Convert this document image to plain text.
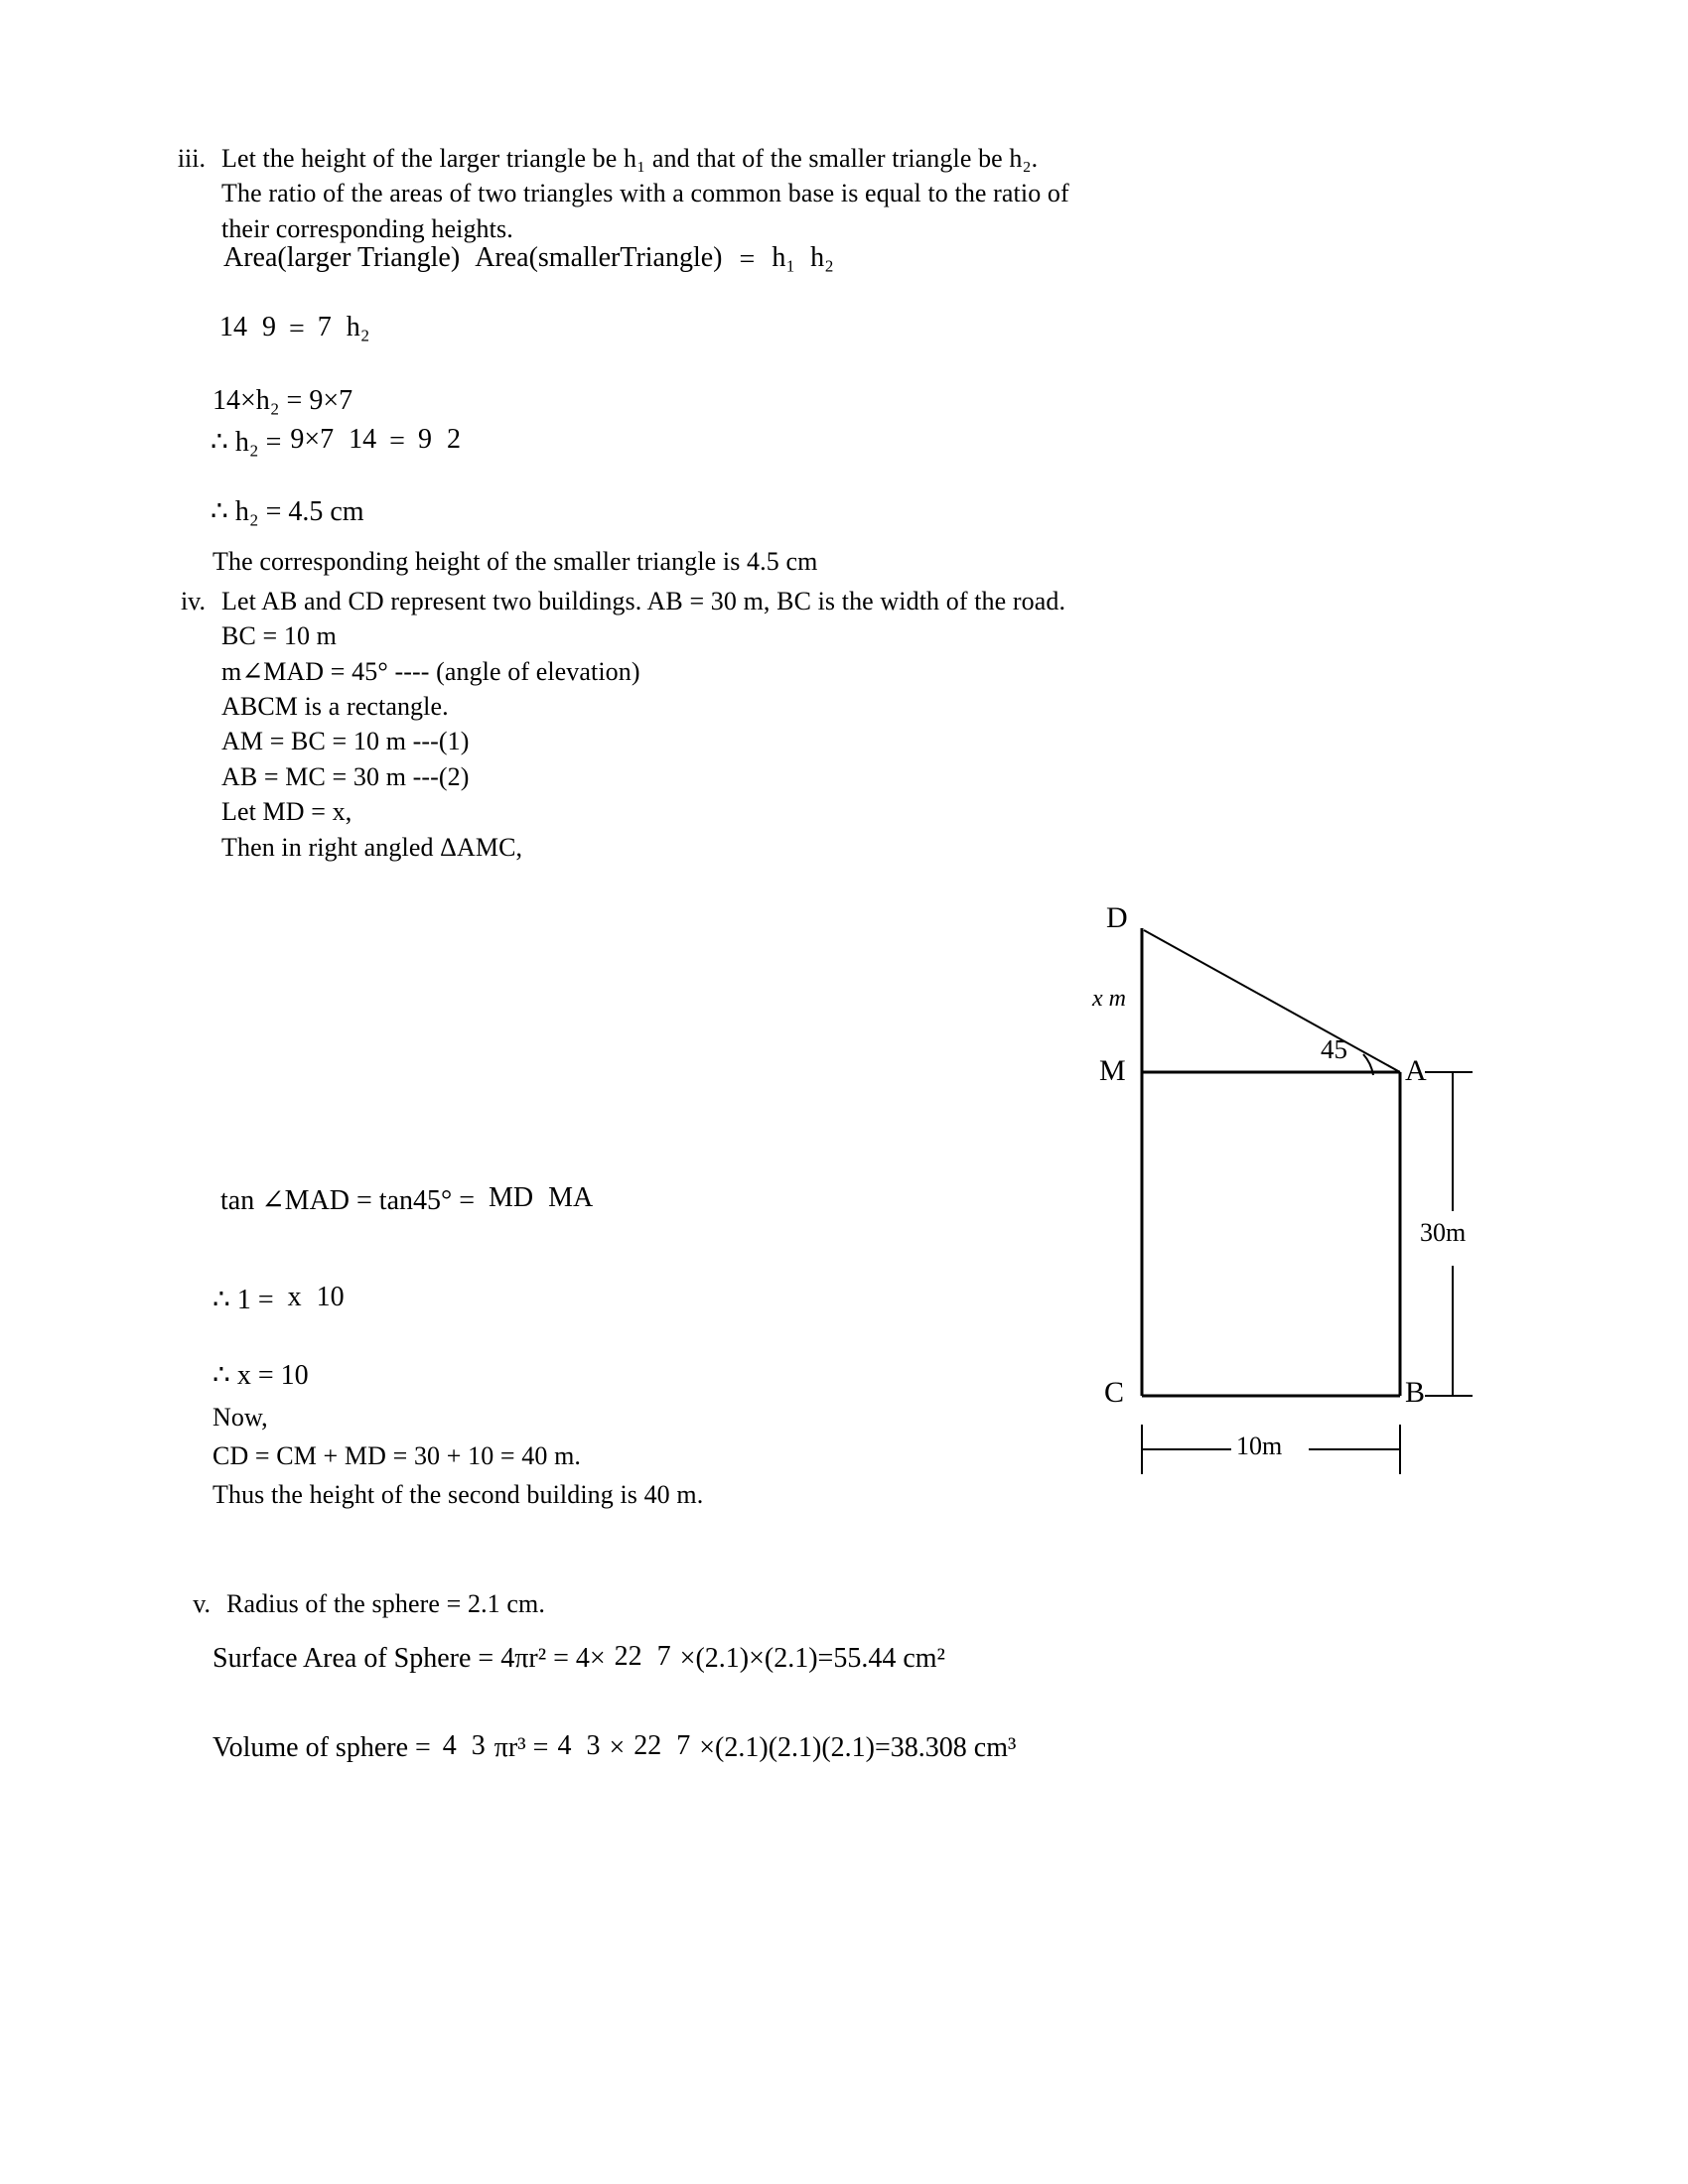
iii. Let the height of the larger triangle be h₁ and that of the smaller triangle be h₂.
The ratio of the areas of two triangles with a common base is equal to the ratio of
their corresponding heights.
Area(larger Triangle) Area(smallerTriangle) = h₁ h₂
14 9 = 7 h₂
14×h₂ = 9×7
∴ h₂ = 9×7 14 = 9 2
∴ h₂ = 4.5 cm
The corresponding height of the smaller triangle is 4.5 cm
iv. Let AB and CD represent two buildings. AB = 30 m, BC is the width of the road.
BC = 10 m
m∠MAD = 45° ---- (angle of elevation)
ABCM is a rectangle.
AM = BC = 10 m ---(1)
AB = MC = 30 m ---(2)
Let MD = x,
Then in right angled ΔAMC,
tan ∠MAD = tan45° = MD MA
∴ 1 = x 10
∴ x = 10
Now,
CD = CM + MD = 30 + 10 = 40 m.
Thus the height of the second building is 40 m.
D
M	A
C	B
x m
45
30m
10m
v. Radius of the sphere = 2.1 cm.
Surface Area of Sphere = 4πr² = 4× 22 7 ×(2.1)×(2.1)=55.44 cm²
Volume of sphere = 4 3 πr³ = 4 3 × 22 7 ×(2.1)(2.1)(2.1)=38.308 cm³
